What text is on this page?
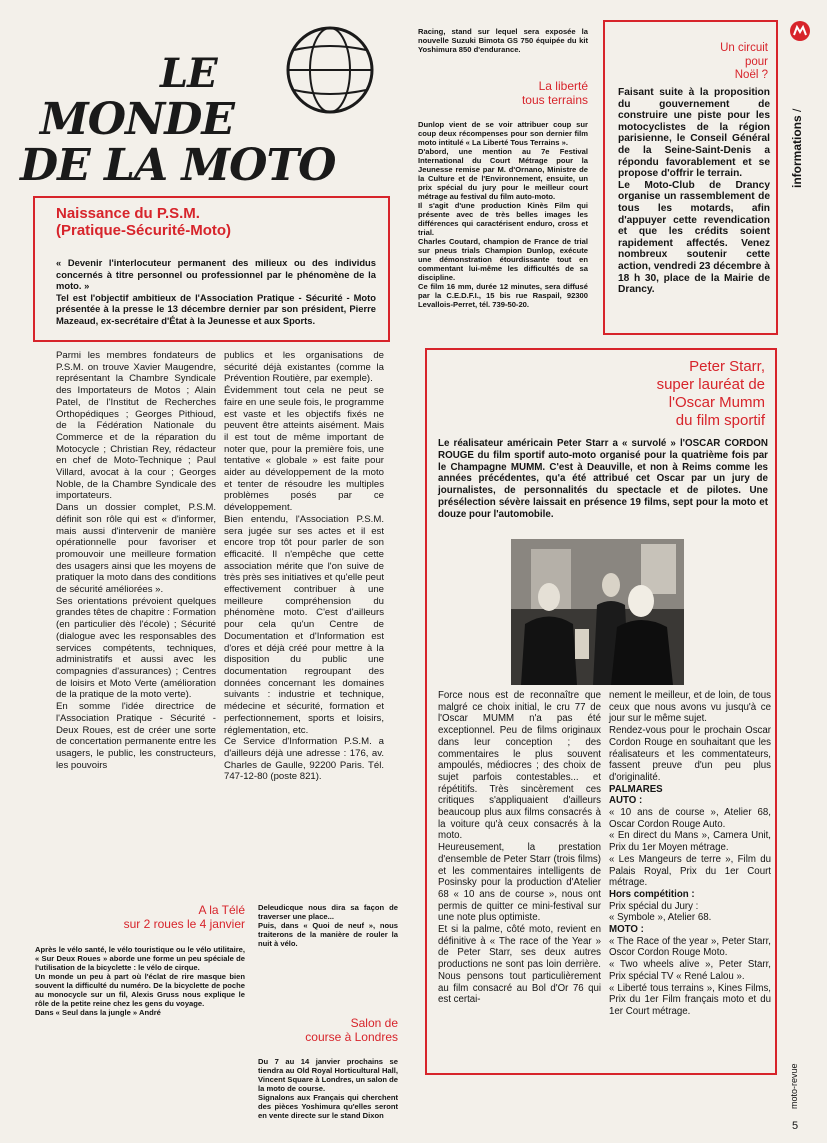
LE
MONDE
DE LA MOTO
Naissance du P.S.M.
(Pratique-Sécurité-Moto)
« Devenir l'interlocuteur permanent des milieux ou des individus concernés à titre personnel ou professionnel par le phénomène de la moto. »
Tel est l'objectif ambitieux de l'Association Pratique - Sécurité - Moto présentée à la presse le 13 décembre dernier par son président, Pierre Mazeaud, ex-secrétaire d'État à la Jeunesse et aux Sports.
Parmi les membres fondateurs de P.S.M. on trouve Xavier Maugendre, représentant la Chambre Syndicale des Importateurs de Motos ; Alain Patel, de l'Institut de Recherches Orthopédiques ; Georges Pithioud, de la Fédération Nationale du Commerce et de la réparation du Motocycle ; Christian Rey, rédacteur en chef de Moto-Technique ; Paul Villard, avocat à la cour ; Georges Noble, de la Chambre Syndicale des importateurs.
Dans un dossier complet, P.S.M. définit son rôle qui est « d'informer, mais aussi d'intervenir de manière opérationnelle pour favoriser et promouvoir une meilleure formation des usagers ainsi que les moyens de pratiquer la moto dans des conditions de sécurité améliorées ».
Ses orientations prévoient quelques grandes têtes de chapitre : Formation (en particulier dès l'école) ; Sécurité (dialogue avec les responsables des services compétents, techniques, administratifs et aussi avec les compagnies d'assurances) ; Centres de loisirs et Moto Verte (amélioration de la pratique de la moto verte).
En somme l'idée directrice de l'Association Pratique - Sécurité - Deux Roues, est de créer une sorte de concertation permanente entre les usagers, le public, les constructeurs, les pouvoirs
publics et les organisations de sécurité déjà existantes (comme la Prévention Routière, par exemple).
Évidemment tout cela ne peut se faire en une seule fois, le programme est vaste et les objectifs fixés ne peuvent être atteints aisément. Mais il est tout de même important de noter que, pour la première fois, une tentative « globale » est faite pour aider au développement de la moto et tenter de résoudre les multiples problèmes posés par ce développement.
Bien entendu, l'Association P.S.M. sera jugée sur ses actes et il est encore trop tôt pour parler de son efficacité. Il n'empêche que cette association mérite que l'on suive de très près ses initiatives et qu'elle peut effectivement contribuer à une meilleure compréhension du phénomène moto. C'est d'ailleurs pour cela qu'un Centre de Documentation et d'Information est d'ores et déjà créé pour mettre à la disposition du public une documentation regroupant des données concernant les domaines suivants : industrie et technique, médecine et sécurité, formation et perfectionnement, sports et loisirs, réglementation, etc.
Ce Service d'Information P.S.M. a d'ailleurs déjà une adresse : 176, av. Charles de Gaulle, 92200 Paris. Tél. 747-12-80 (poste 821).
Racing, stand sur lequel sera exposée la nouvelle Suzuki Bimota GS 750 équipée du kit Yoshimura 850 d'endurance.
La liberté
tous terrains
Dunlop vient de se voir attribuer coup sur coup deux récompenses pour son dernier film moto intitulé « La Liberté Tous Terrains ».
D'abord, une mention au 7e Festival International du Court Métrage pour la Jeunesse remise par M. d'Ornano, Ministre de la Culture et de l'Environnement, ensuite, un prix spécial du jury pour le meilleur court métrage au festival du film auto-moto.
Il s'agit d'une production Kinès Film qui présente avec de très belles images les différences qui caractérisent enduro, cross et trial.
Charles Coutard, champion de France de trial sur pneus trials Champion Dunlop, exécute une démonstration étourdissante tout en commentant lui-même les difficultés de sa discipline.
Ce film 16 mm, durée 12 minutes, sera diffusé par la C.E.D.F.I., 15 bis rue Raspail, 92300 Levallois-Perret, tél. 739-50-20.
Un circuit
pour
Noël ?
Faisant suite à la proposition du gouvernement de construire une piste pour les motocyclistes de la région parisienne, le Conseil Général de la Seine-Saint-Denis a répondu favorablement et se propose d'offrir le terrain.
Le Moto-Club de Drancy organise un rassemblement de tous les motards, afin d'appuyer cette revendication et que les crédits soient rapidement affectés. Venez nombreux soutenir cette action, vendredi 23 décembre à 18 h 30, place de la Mairie de Drancy.
informations /
moto-revue
5
Peter Starr,
super lauréat de
l'Oscar Mumm
du film sportif
Le réalisateur américain Peter Starr a « survolé » l'OSCAR CORDON ROUGE du film sportif auto-moto organisé pour la quatrième fois par le Champagne MUMM. C'est à Deauville, et non à Reims comme les années précédentes, qu'a été attribué cet Oscar par un jury de journalistes, de personnalités du spectacle et de pilotes. Une présélection sévère laissait en présence 19 films, sept pour la moto et douze pour l'automobile.
Force nous est de reconnaître que malgré ce choix initial, le cru 77 de l'Oscar MUMM n'a pas été exceptionnel. Peu de films originaux dans leur conception ; des commentaires le plus souvent ampoulés, médiocres ; des choix de sujet parfois contestables... et répétitifs. Très sincèrement ces critiques s'appliquaient d'ailleurs beaucoup plus aux films consacrés à la voiture qu'à ceux consacrés à la moto.
Heureusement, la prestation d'ensemble de Peter Starr (trois films) et les commentaires intelligents de Posinsky pour la production d'Atelier 68 « 10 ans de course », nous ont permis de quitter ce mini-festival sur une note plus optimiste.
Et si la palme, côté moto, revient en définitive à « The race of the Year » de Peter Starr, ses deux autres productions ne sont pas loin derrière. Nous pensons tout particulièrement au film consacré au Bol d'Or 76 qui est certai-
nement le meilleur, et de loin, de tous ceux que nous avons vu jusqu'à ce jour sur le même sujet.
Rendez-vous pour le prochain Oscar Cordon Rouge en souhaitant que les réalisateurs et les commentateurs, fassent preuve d'un peu plus d'originalité.
PALMARES
AUTO :
« 10 ans de course », Atelier 68, Oscar Cordon Rouge Auto.
« En direct du Mans », Camera Unit, Prix du 1er Moyen métrage.
« Les Mangeurs de terre », Film du Palais Royal, Prix du 1er Court métrage.
Hors compétition :
Prix spécial du Jury :
« Symbole », Atelier 68.
MOTO :
« The Race of the year », Peter Starr, Oscor Cordon Rouge Moto.
« Two wheels alive », Peter Starr, Prix spécial TV « René Lalou ».
« Liberté tous terrains », Kines Films, Prix du 1er Film français moto et du 1er Court métrage.
A la Télé
sur 2 roues le 4 janvier
Après le vélo santé, le vélo touristique ou le vélo utilitaire, « Sur Deux Roues » aborde une forme un peu spéciale de l'utilisation de la bicyclette : le vélo de cirque.
Un monde un peu à part où l'éclat de rire masque bien souvent la difficulté du numéro. De la bicyclette de poche au monocycle sur un fil, Alexis Gruss nous explique le rôle de la petite reine chez les gens du voyage.
Dans « Seul dans la jungle » André
Deleudicque nous dira sa façon de traverser une place...
Puis, dans « Quoi de neuf », nous traiterons de la manière de rouler la nuit à vélo.
Salon de
course à Londres
Du 7 au 14 janvier prochains se tiendra au Old Royal Horticultural Hall, Vincent Square à Londres, un salon de la moto de course.
Signalons aux Français qui cherchent des pièces Yoshimura qu'elles seront en vente directe sur le stand Dixon
